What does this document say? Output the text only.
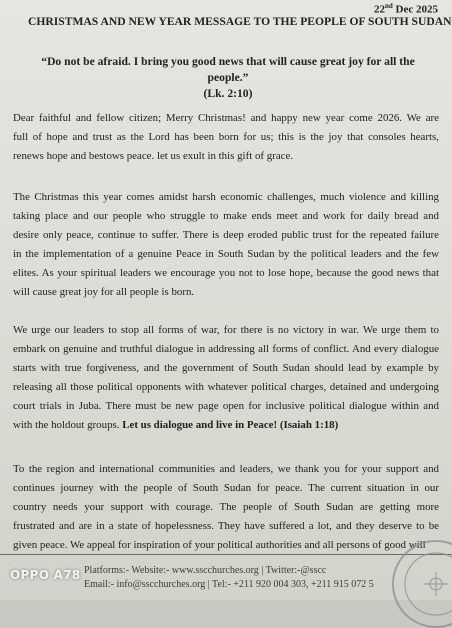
22nd Dec 2025
CHRISTMAS AND NEW YEAR MESSAGE TO THE PEOPLE OF SOUTH SUDAN
“Do not be afraid. I bring you good news that will cause great joy for all the people.”
(Lk. 2:10)

Dear faithful and fellow citizen; Merry Christmas! and happy new year come 2026. We are
full of hope and trust as the Lord has been born for us; this is the joy that consoles hearts,
renews hope and bestows peace. let us exult in this gift of grace.

The Christmas this year comes amidst harsh economic challenges, much violence and killing
taking place and our people who struggle to make ends meet and work for daily bread and
desire only peace, continue to suffer. There is deep eroded public trust for the repeated failure
in the implementation of a genuine Peace in South Sudan by the political leaders and the few
elites. As your spiritual leaders we encourage you not to lose hope, because the good news that
will cause great joy for all people is born.

We urge our leaders to stop all forms of war, for there is no victory in war. We urge them to
embark on genuine and truthful dialogue in addressing all forms of conflict. And every dialogue
starts with true forgiveness, and the government of South Sudan should lead by example by
releasing all those political opponents with whatever political charges, detained and undergoing
court trials in Juba. There must be new page open for inclusive political dialogue within and
with the holdout groups. Let us dialogue and live in Peace! (Isaiah 1:18)

To the region and international communities and leaders, we thank you for your support and
continues journey with the people of South Sudan for peace. The current situation in our
country needs your support with courage. The people of South Sudan are getting more
frustrated and are in a state of hopelessness. They have suffered a lot, and they deserve to be
given peace. We appeal for inspiration of your political authorities and all persons of good will

Platforms:- Website:- www.sscchurches.org | Twitter:-@sscc
Email:- info@sscchurches.org | Tel:- +211 920 004 303, +211 915 072 5
OPPO A78
